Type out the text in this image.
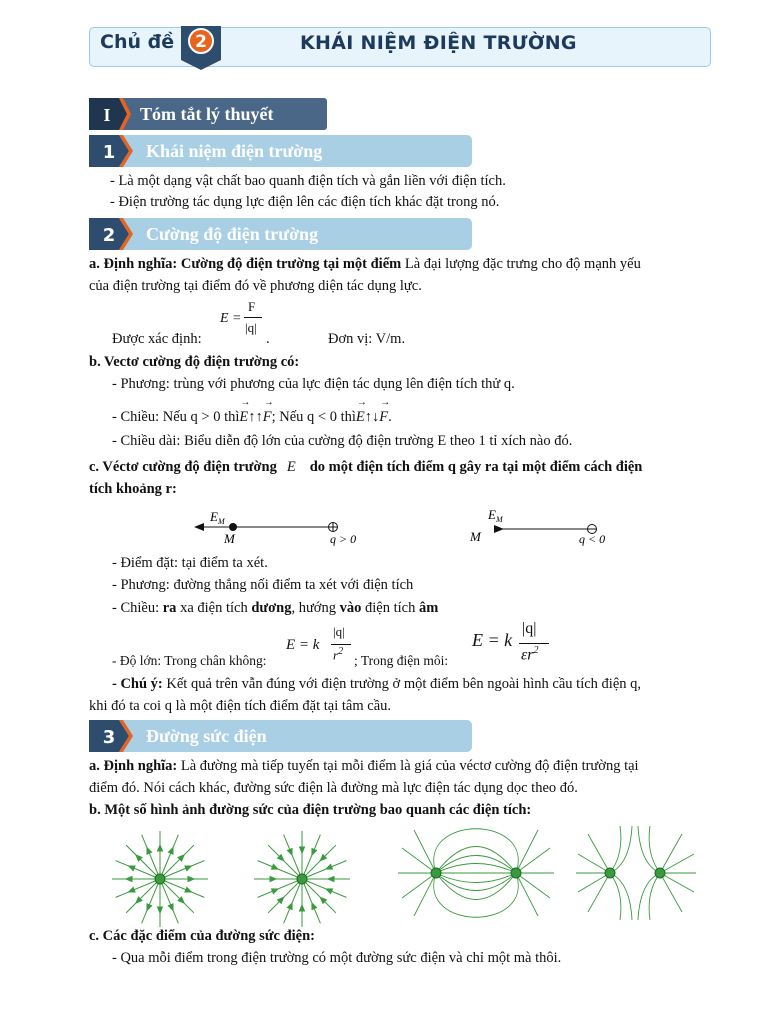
Chủ đề 2	KHÁI NIỆM ĐIỆN TRƯỜNG
I Tóm tắt lý thuyết
1 Khái niệm điện trường
- Là một dạng vật chất bao quanh điện tích và gắn liền với điện tích.
- Điện trường tác dụng lực điện lên các điện tích khác đặt trong nó.
2 Cường độ điện trường
a. Định nghĩa: Cường độ điện trường tại một điểm Là đại lượng đặc trưng cho độ mạnh yếu
của điện trường tại điểm đó về phương diện tác dụng lực.
E =
F
|q|
Được xác định:	.	Đơn vị: V/m.
b. Vectơ cường độ điện trường có:
- Phương: trùng với phương của lực điện tác dụng lên điện tích thử q.
- Chiều: Nếu q > 0 thì
→
E↑↑
→
F; Nếu q < 0 thì
→
E↑↓
→
F.
- Chiều dài: Biểu diễn độ lớn của cường độ điện trường E theo 1 tỉ xích nào đó.
c. Véctơ cường độ điện trường E do một điện tích điểm q gây ra tại một điểm cách điện
tích khoảng r:
E M
M	q > 0
E M
M	q < 0
- Điểm đặt: tại điểm ta xét.
- Phương: đường thẳng nối điểm ta xét với điện tích
- Chiều: ra xa điện tích dương, hướng vào điện tích âm
E = k
|q|
$r^2$
- Độ lớn: Trong chân không:	; Trong điện môi:
E = k
|q|
$\varepsilon r^2$
- Chú ý: Kết quả trên vẫn đúng với điện trường ở một điểm bên ngoài hình cầu tích điện q,
khi đó ta coi q là một điện tích điểm đặt tại tâm cầu.
3 Đường sức điện
a. Định nghĩa: Là đường mà tiếp tuyến tại mỗi điểm là giá của véctơ cường độ điện trường tại
điểm đó. Nói cách khác, đường sức điện là đường mà lực điện tác dụng dọc theo đó.
b. Một số hình ảnh đường sức của điện trường bao quanh các điện tích:
c. Các đặc điểm của đường sức điện:
- Qua mỗi điểm trong điện trường có một đường sức điện và chỉ một mà thôi.
